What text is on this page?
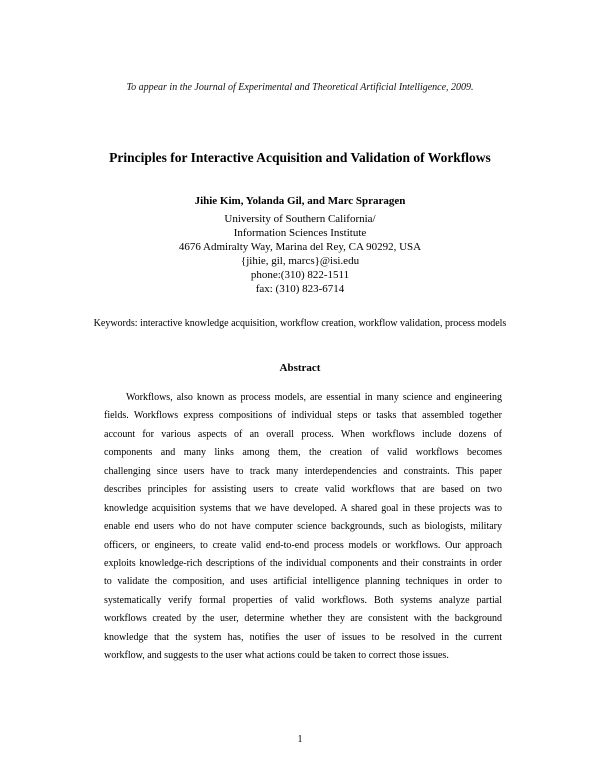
To appear in the Journal of Experimental and Theoretical Artificial Intelligence, 2009.
Principles for Interactive Acquisition and Validation of Workflows
Jihie Kim, Yolanda Gil, and Marc Spraragen
University of Southern California/
Information Sciences Institute
4676 Admiralty Way, Marina del Rey, CA 90292, USA
{jihie, gil, marcs}@isi.edu
phone:(310) 822-1511
fax: (310) 823-6714
Keywords: interactive knowledge acquisition, workflow creation, workflow validation, process models
Abstract
Workflows, also known as process models, are essential in many science and engineering
fields. Workflows express compositions of individual steps or tasks that assembled together
account for various aspects of an overall process. When workflows include dozens of
components and many links among them, the creation of valid workflows becomes
challenging since users have to track many interdependencies and constraints. This paper
describes principles for assisting users to create valid workflows that are based on two
knowledge acquisition systems that we have developed. A shared goal in these projects was to
enable end users who do not have computer science backgrounds, such as biologists, military
officers, or engineers, to create valid end-to-end process models or workflows. Our approach
exploits knowledge-rich descriptions of the individual components and their constraints in order
to validate the composition, and uses artificial intelligence planning techniques in order to
systematically verify formal properties of valid workflows. Both systems analyze partial
workflows created by the user, determine whether they are consistent with the background
knowledge that the system has, notifies the user of issues to be resolved in the current
workflow, and suggests to the user what actions could be taken to correct those issues.
1
